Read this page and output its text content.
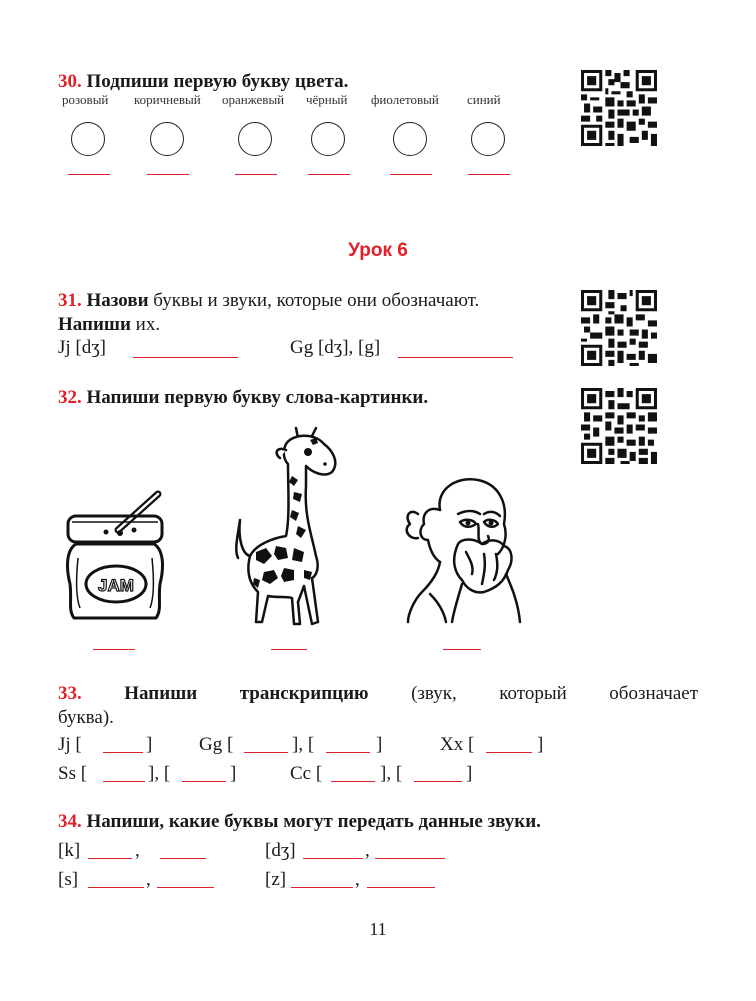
30. Подпиши первую букву цвета.
розовый коричневый оранжевый чёрный фиолетовый синий
Урок 6
31. Назови буквы и звуки, которые они обозначают.
Напиши их.
Jj [dʒ]	Gg [dʒ], [g]
32. Напиши первую букву слова-картинки.
JAM
33. Напиши транскрипцию (звук, который обозначает
буква).
Jj [	] Gg [	], [	]	Xx [	]
Ss [	], [	]	Cc [	], [	]
34. Напиши, какие буквы могут передать данные звуки.
[k]	,	[dʒ]	,
[s]	,	[z]	,
11
